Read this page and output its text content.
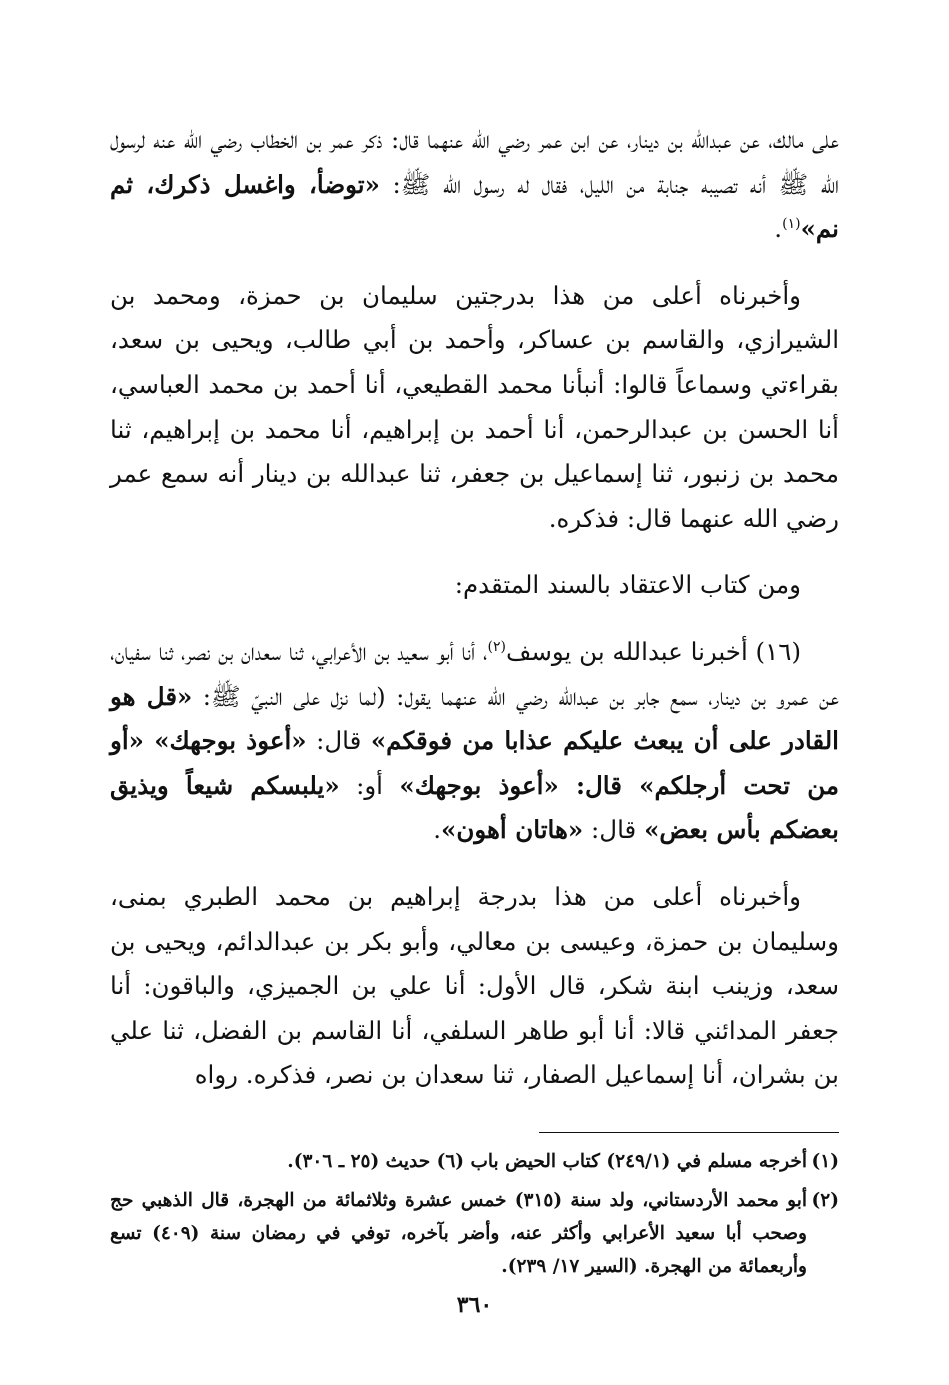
على مالك، عن عبدالله بن دينار، عن ابن عمر رضي الله عنهما قال: ذكر عمر بن الخطاب رضي الله عنه لرسول الله ﷺ أنه تصيبه جنابة من الليل، فقال له رسول الله ﷺ: «توضأ، واغسل ذكرك، ثم نم»$^{(١)}$.

وأخبرناه أعلى من هذا بدرجتين سليمان بن حمزة، ومحمد بن الشيرازي، والقاسم بن عساكر، وأحمد بن أبي طالب، ويحيى بن سعد، بقراءتي وسماعاً قالوا: أنبأنا محمد القطيعي، أنا أحمد بن محمد العباسي، أنا الحسن بن عبدالرحمن، أنا أحمد بن إبراهيم، أنا محمد بن إبراهيم، ثنا محمد بن زنبور، ثنا إسماعيل بن جعفر، ثنا عبدالله بن دينار أنه سمع عمر رضي الله عنهما قال: فذكره.

ومن كتاب الاعتقاد بالسند المتقدم:

(١٦) أخبرنا عبدالله بن يوسف$^{(٢)}$، أنا أبو سعيد بن الأعرابي، ثنا سعدان بن نصر، ثنا سفيان، عن عمرو بن دينار، سمع جابر بن عبدالله رضي الله عنهما يقول: (لما نزل على النبيّ ﷺ: «قل هو القادر على أن يبعث عليكم عذابا من فوقكم» قال: «أعوذ بوجهك» «أو من تحت أرجلكم» قال: «أعوذ بوجهك» أو: «يلبسكم شيعاً ويذيق بعضكم بأس بعض» قال: «هاتان أهون».

وأخبرناه أعلى من هذا بدرجة إبراهيم بن محمد الطبري بمنى، وسليمان بن حمزة، وعيسى بن معالي، وأبو بكر بن عبدالدائم، ويحيى بن سعد، وزينب ابنة شكر، قال الأول: أنا علي بن الجميزي، والباقون: أنا جعفر المدائني قالا: أنا أبو طاهر السلفي، أنا القاسم بن الفضل، ثنا علي بن بشران، أنا إسماعيل الصفار، ثنا سعدان بن نصر، فذكره. رواه

(١)
أخرجه مسلم في (٢٤٩/١) كتاب الحيض باب (٦) حديث (٢٥ ـ ٣٠٦).
(٢)
أبو محمد الأردستاني، ولد سنة (٣١٥) خمس عشرة وثلاثمائة من الهجرة، قال الذهبي حج وصحب أبا سعيد الأعرابي وأكثر عنه، وأضر بآخره، توفي في رمضان سنة (٤٠٩) تسع وأربعمائة من الهجرة. (السير ١٧/ ٢٣٩).
٣٦٠
